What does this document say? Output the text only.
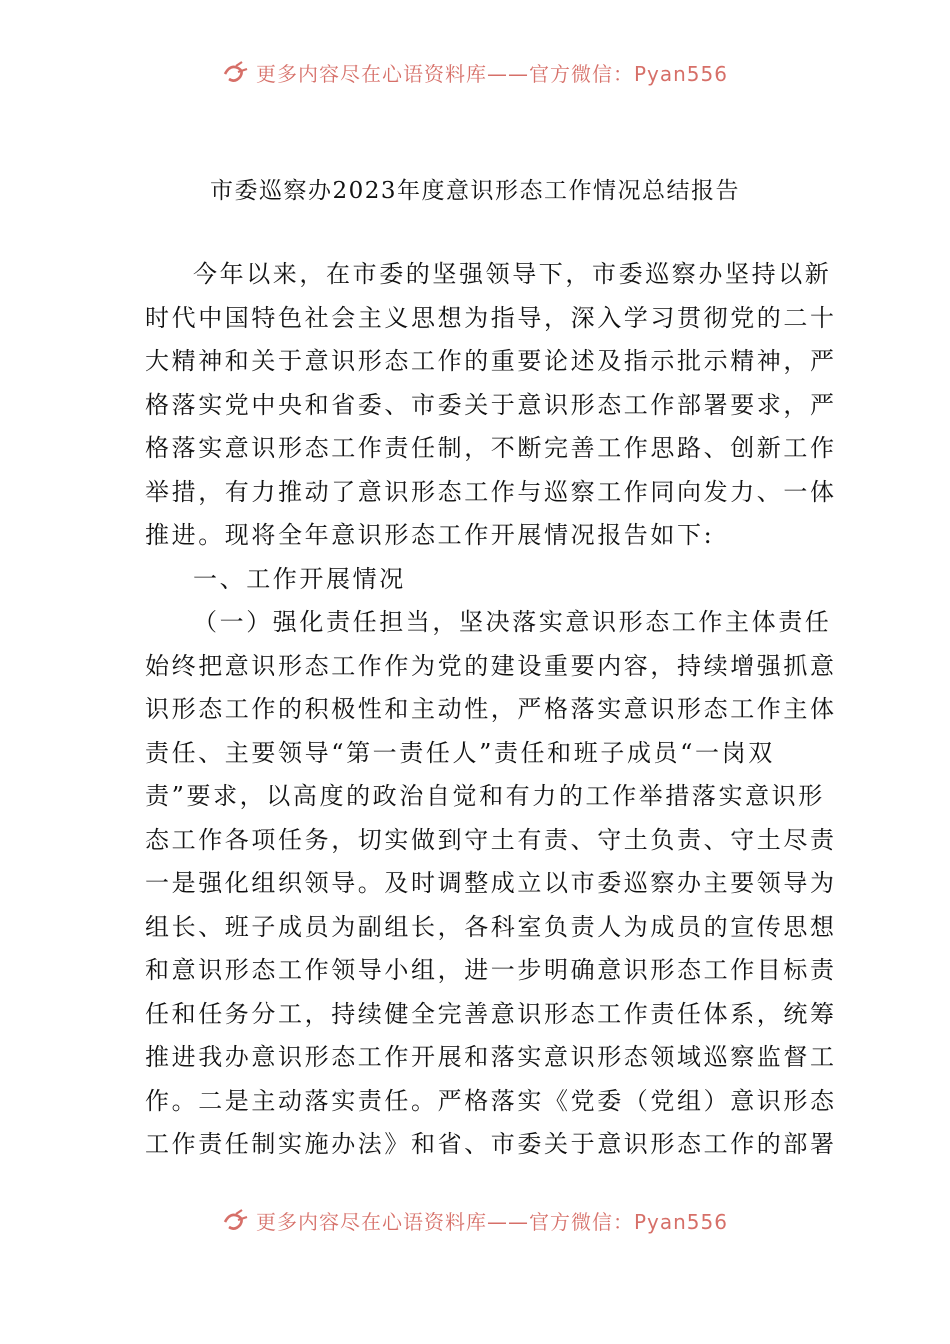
更多内容尽在心语资料库——官方微信：Pyan556
市委巡察办2023年度意识形态工作情况总结报告
今年以来，在市委的坚强领导下，市委巡察办坚持以新
时代中国特色社会主义思想为指导，深入学习贯彻党的二十
大精神和关于意识形态工作的重要论述及指示批示精神，严
格落实党中央和省委、市委关于意识形态工作部署要求，严
格落实意识形态工作责任制，不断完善工作思路、创新工作
举措，有力推动了意识形态工作与巡察工作同向发力、一体
推进。现将全年意识形态工作开展情况报告如下:
一、工作开展情况
（一）强化责任担当，坚决落实意识形态工作主体责任
始终把意识形态工作作为党的建设重要内容，持续增强抓意
识形态工作的积极性和主动性，严格落实意识形态工作主体
责任、主要领导“第一责任人”责任和班子成员“一岗双
责”要求，以高度的政治自觉和有力的工作举措落实意识形
态工作各项任务，切实做到守土有责、守土负责、守土尽责
一是强化组织领导。及时调整成立以市委巡察办主要领导为
组长、班子成员为副组长，各科室负责人为成员的宣传思想
和意识形态工作领导小组，进一步明确意识形态工作目标责
任和任务分工，持续健全完善意识形态工作责任体系，统筹
推进我办意识形态工作开展和落实意识形态领域巡察监督工
作。二是主动落实责任。严格落实《党委（党组）意识形态
工作责任制实施办法》和省、市委关于意识形态工作的部署
更多内容尽在心语资料库——官方微信：Pyan556
